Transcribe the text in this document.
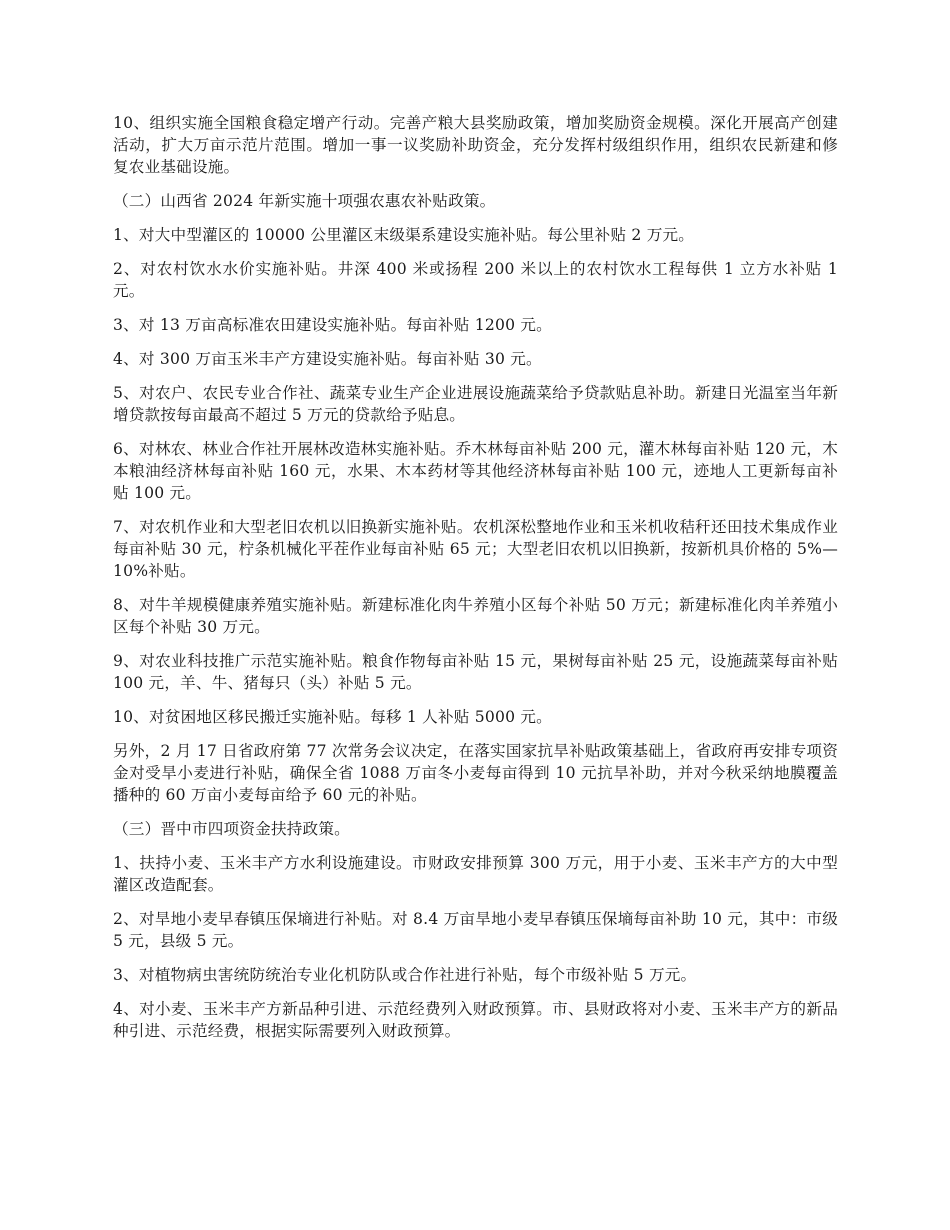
10、组织实施全国粮食稳定增产行动。完善产粮大县奖励政策，增加奖励资金规模。深化开展高产创建活动，扩大万亩示范片范围。增加一事一议奖励补助资金，充分发挥村级组织作用，组织农民新建和修复农业基础设施。

（二）山西省 2024 年新实施十项强农惠农补贴政策。

1、对大中型灌区的 10000 公里灌区末级渠系建设实施补贴。每公里补贴 2 万元。

2、对农村饮水水价实施补贴。井深 400 米或扬程 200 米以上的农村饮水工程每供 1 立方水补贴 1 元。

3、对 13 万亩高标准农田建设实施补贴。每亩补贴 1200 元。

4、对 300 万亩玉米丰产方建设实施补贴。每亩补贴 30 元。

5、对农户、农民专业合作社、蔬菜专业生产企业进展设施蔬菜给予贷款贴息补助。新建日光温室当年新增贷款按每亩最高不超过 5 万元的贷款给予贴息。

6、对林农、林业合作社开展林改造林实施补贴。乔木林每亩补贴 200 元，灌木林每亩补贴 120 元，木本粮油经济林每亩补贴 160 元，水果、木本药材等其他经济林每亩补贴 100 元，迹地人工更新每亩补贴 100 元。

7、对农机作业和大型老旧农机以旧换新实施补贴。农机深松整地作业和玉米机收秸秆还田技术集成作业每亩补贴 30 元，柠条机械化平茬作业每亩补贴 65 元；大型老旧农机以旧换新，按新机具价格的 5%—10%补贴。

8、对牛羊规模健康养殖实施补贴。新建标准化肉牛养殖小区每个补贴 50 万元；新建标准化肉羊养殖小区每个补贴 30 万元。

9、对农业科技推广示范实施补贴。粮食作物每亩补贴 15 元，果树每亩补贴 25 元，设施蔬菜每亩补贴 100 元，羊、牛、猪每只（头）补贴 5 元。

10、对贫困地区移民搬迁实施补贴。每移 1 人补贴 5000 元。

另外，2 月 17 日省政府第 77 次常务会议决定，在落实国家抗旱补贴政策基础上，省政府再安排专项资金对受旱小麦进行补贴，确保全省 1088 万亩冬小麦每亩得到 10 元抗旱补助，并对今秋采纳地膜覆盖播种的 60 万亩小麦每亩给予 60 元的补贴。

（三）晋中市四项资金扶持政策。

1、扶持小麦、玉米丰产方水利设施建设。市财政安排预算 300 万元，用于小麦、玉米丰产方的大中型灌区改造配套。

2、对旱地小麦早春镇压保墒进行补贴。对 8.4 万亩旱地小麦早春镇压保墒每亩补助 10 元，其中：市级 5 元，县级 5 元。

3、对植物病虫害统防统治专业化机防队或合作社进行补贴，每个市级补贴 5 万元。

4、对小麦、玉米丰产方新品种引进、示范经费列入财政预算。市、县财政将对小麦、玉米丰产方的新品种引进、示范经费，根据实际需要列入财政预算。
